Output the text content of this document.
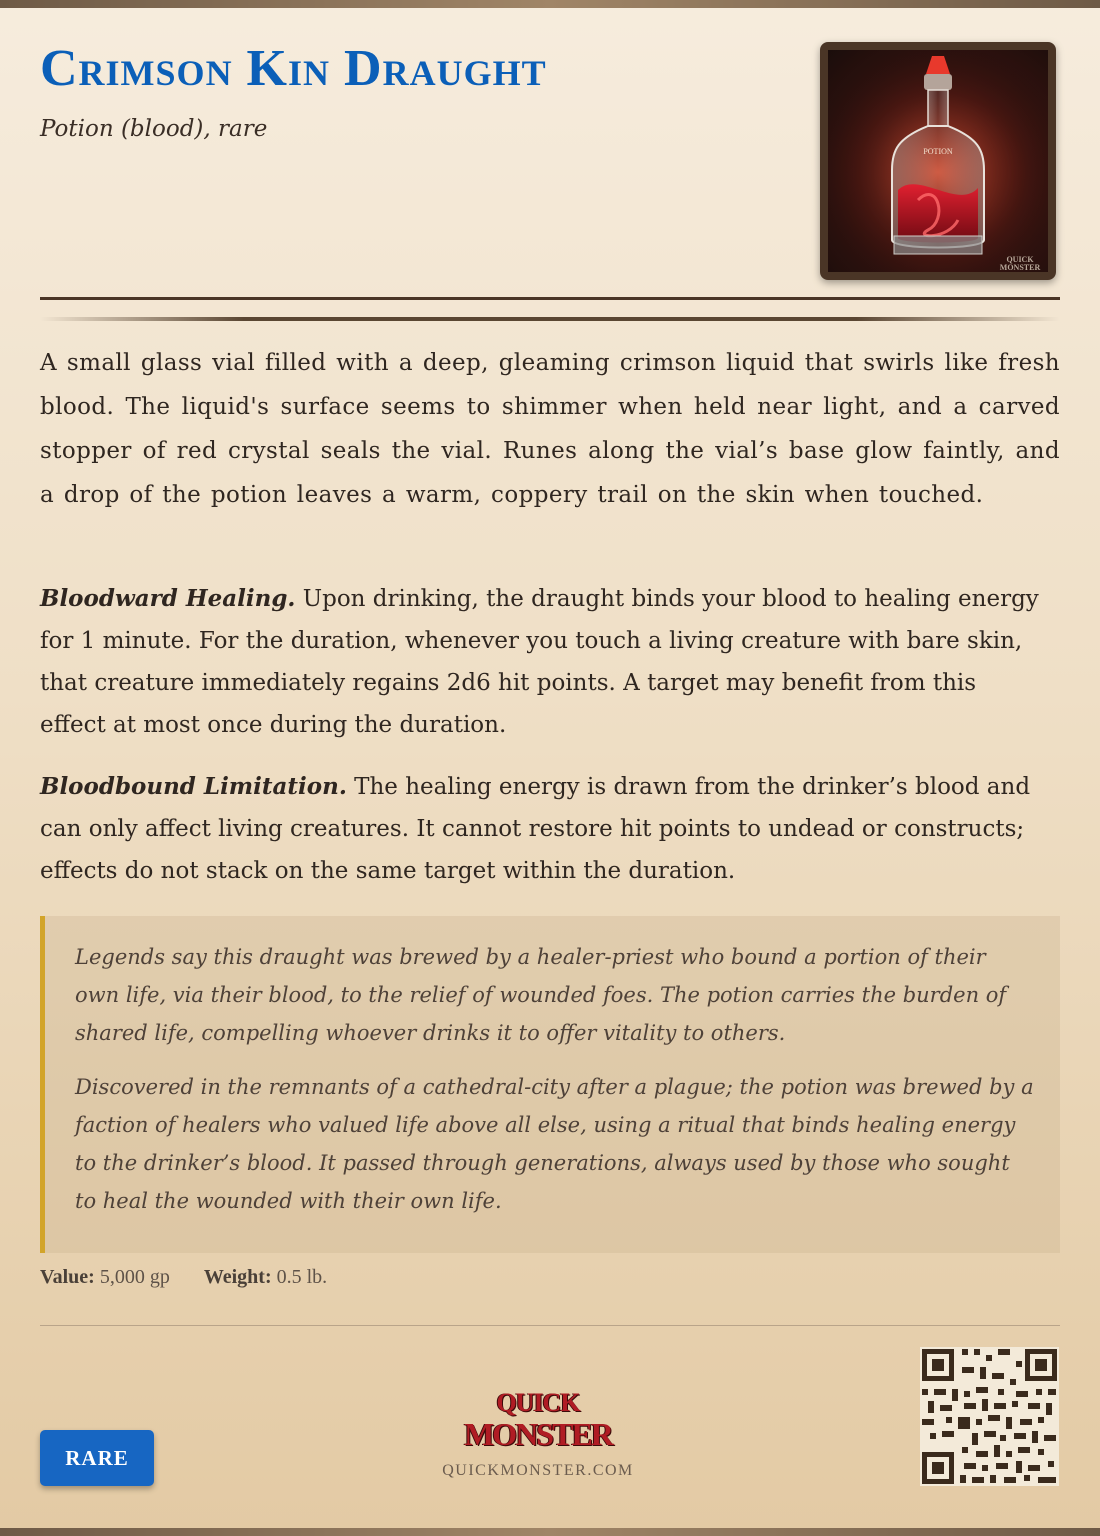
Crimson Kin Draught
Potion (blood), rare
POTION
QUICK
MONSTER

A small glass vial filled with a deep, gleaming crimson liquid that swirls like fresh blood. The liquid's surface seems to shimmer when held near light, and a carved stopper of red crystal seals the vial. Runes along the vial’s base glow faintly, and a drop of the potion leaves a warm, coppery trail on the skin when touched.

Bloodward Healing. Upon drinking, the draught binds your blood to healing energy for 1 minute. For the duration, whenever you touch a living creature with bare skin, that creature immediately regains 2d6 hit points. A target may benefit from this effect at most once during the duration.

Bloodbound Limitation. The healing energy is drawn from the drinker’s blood and can only affect living creatures. It cannot restore hit points to undead or constructs; effects do not stack on the same target within the duration.

Legends say this draught was brewed by a healer-priest who bound a portion of their own life, via their blood, to the relief of wounded foes. The potion carries the burden of shared life, compelling whoever drinks it to offer vitality to others.

Discovered in the remnants of a cathedral-city after a plague; the potion was brewed by a faction of healers who valued life above all else, using a ritual that binds healing energy to the drinker’s blood. It passed through generations, always used by those who sought to heal the wounded with their own life.

Value: 5,000 gp Weight: 0.5 lb.
RARE
QUICK
MONSTER
QUICKMONSTER.COM
